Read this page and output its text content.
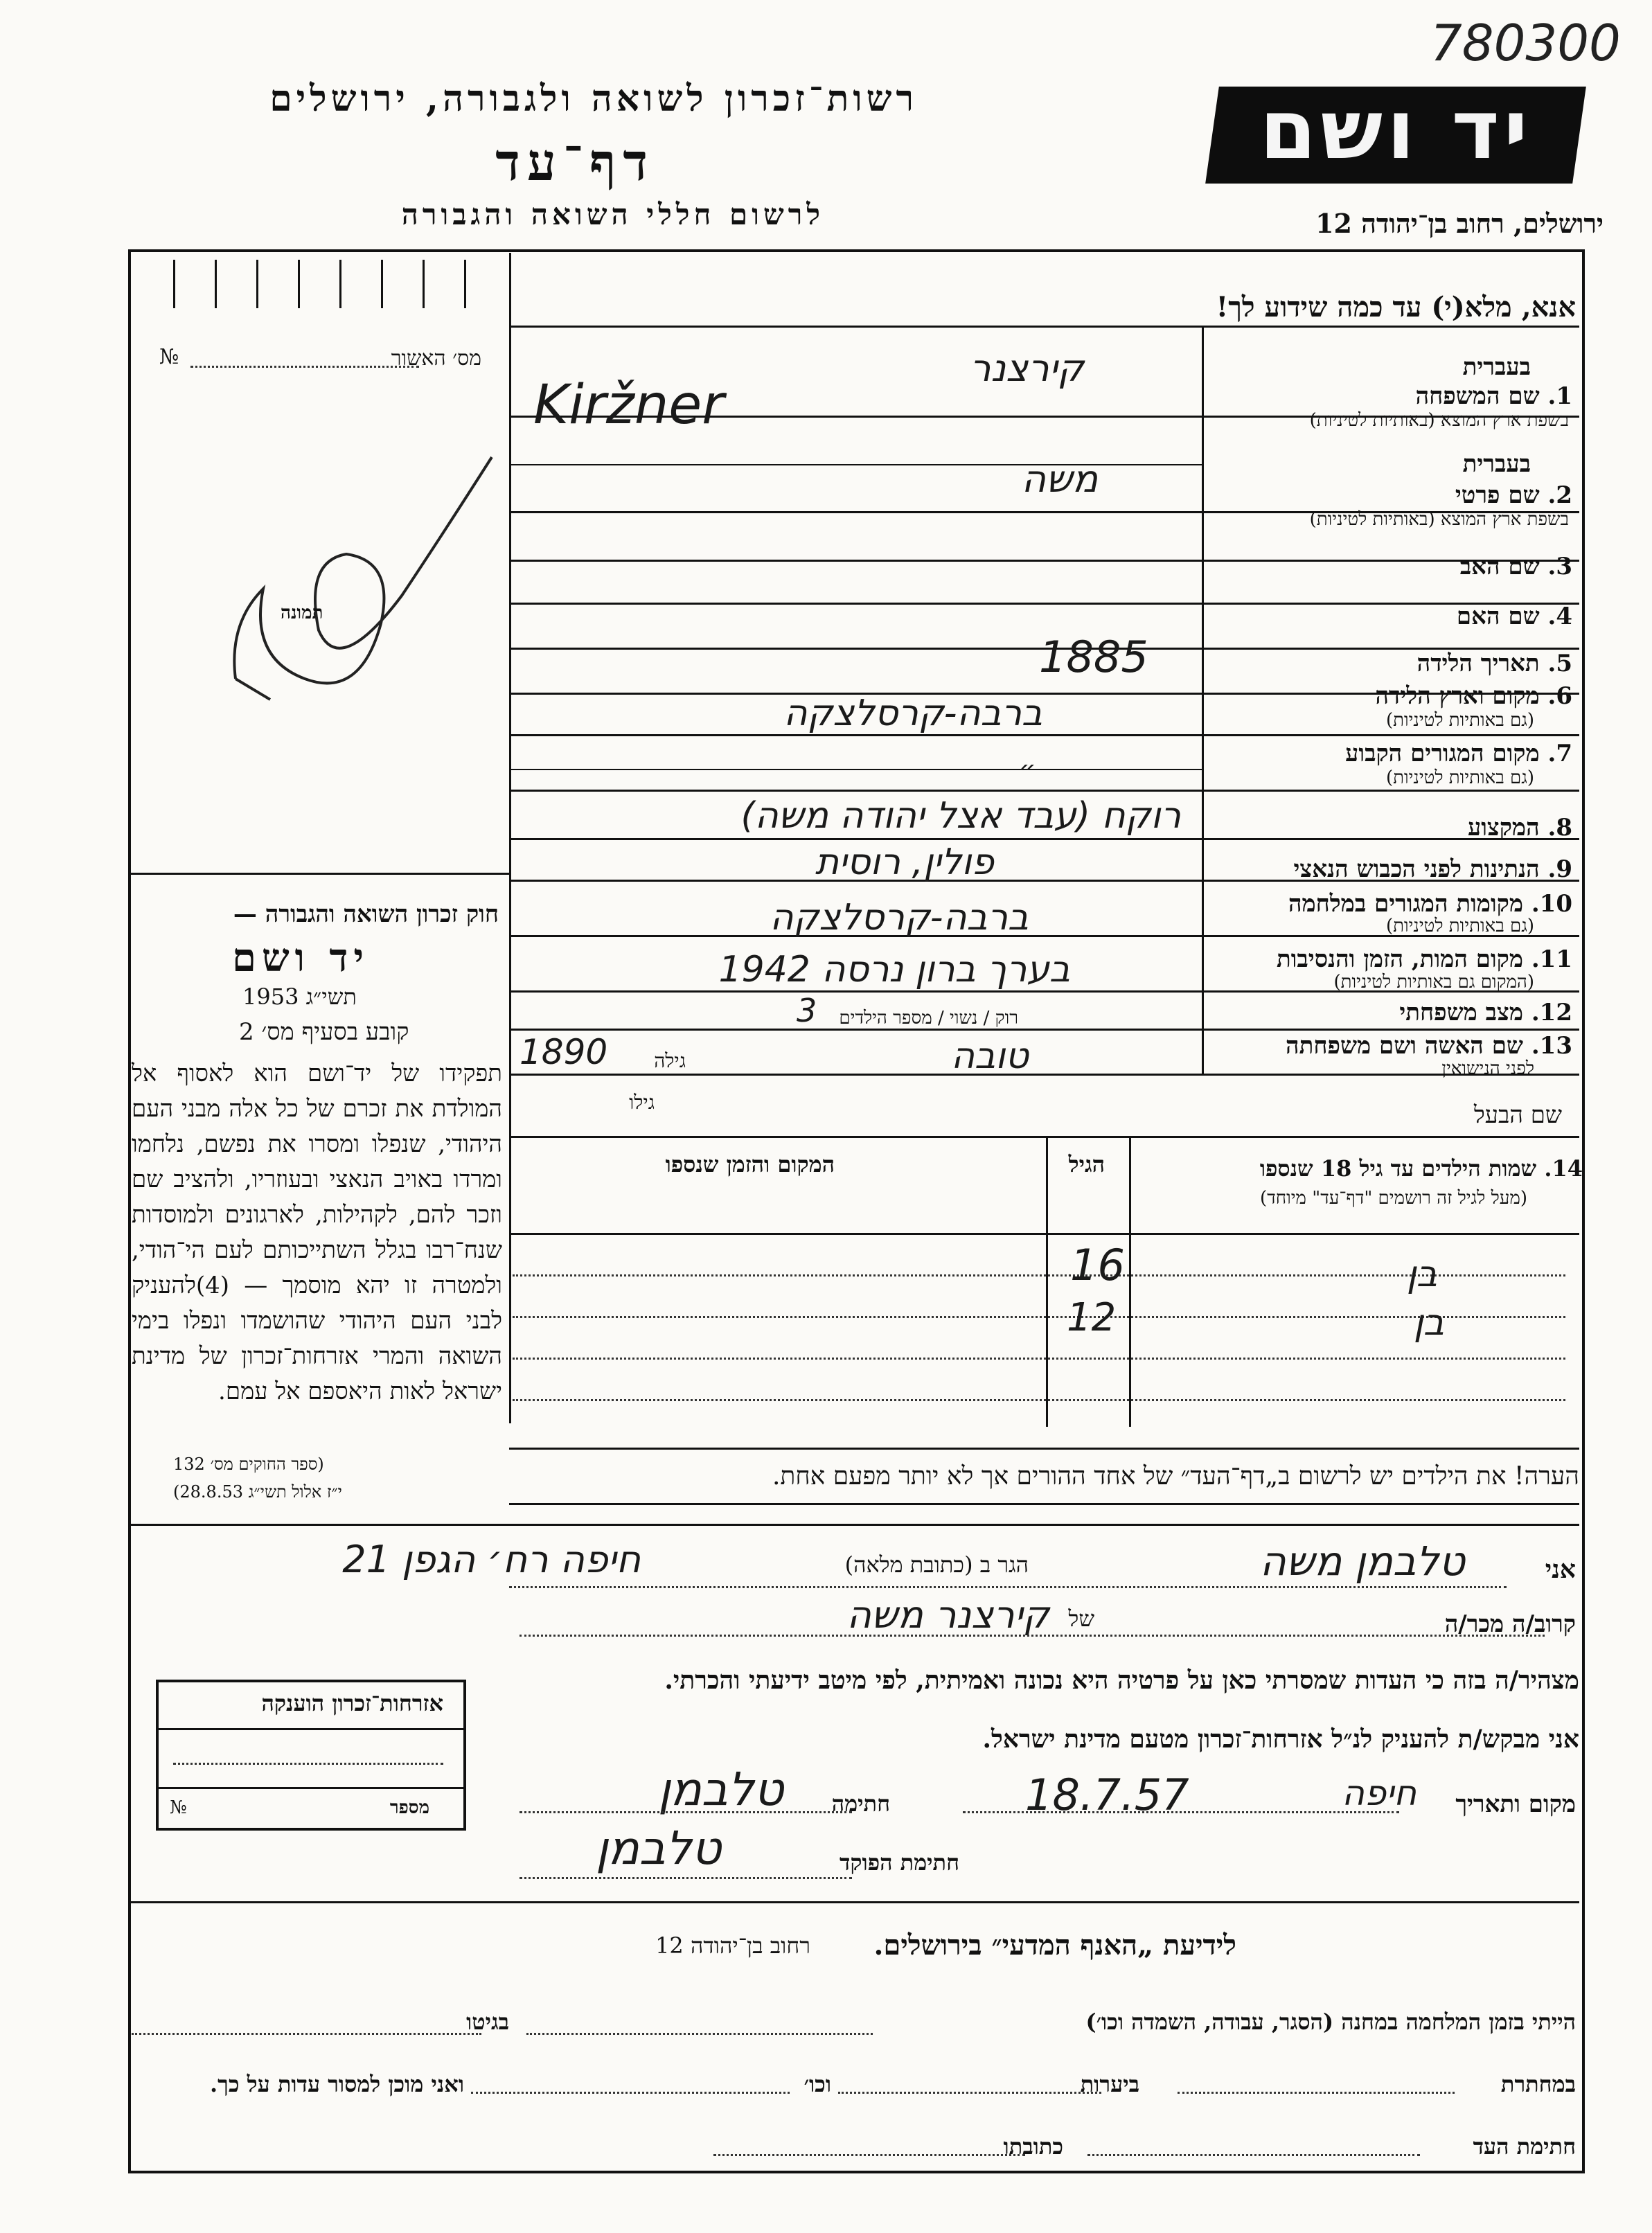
780300
רשות־זכרון לשואה ולגבורה, ירושלים
דף־עד
לרשום חללי השואה והגבורה
יד ושם
ירושלים, רחוב בן־יהודה 12
אנא, מלא(י) עד כמה שידוע לך!
מס׳ האשור
№
תמונה
בעברית
1. שם המשפחה
בשפת ארץ המוצא (באותיות לטיניות)
בעברית
2. שם פרטי
בשפת ארץ המוצא (באותיות לטיניות)
3. שם האב
4. שם האם
5. תאריך הלידה
6. מקום וארץ הלידה
(גם באותיות לטיניות)
7. מקום המגורים הקבוע
(גם באותיות לטיניות)
8. המקצוע
9. הנתינות לפני הכבוש הנאצי
10. מקומות המגורים במלחמה
(גם באותיות לטיניות)
11. מקום המות, הזמן והנסיבות
(המקום גם באותיות לטיניות)
12. מצב משפחתי
13. שם האשה ושם משפחתה
לפני הנישואין
רוק / נשוי / מספר הילדים
גילה
שם הבעל
גילו
קירצנר
Kiržner
משה
1885
ברבה-קרסלצקה
״
רוקח (עבד אצל יהודה משה)
פולין, רוסית
ברבה-קרסלצקה
בערך ברון נרסה 1942
3
טובה
1890
14. שמות הילדים עד גיל 18 שנספו
(מעל לגיל זה רושמים "דף־עד" מיוחד)
הגיל
המקום והזמן שנספו
בן
16
בן
12
הערה! את הילדים יש לרשום ב„דף־העד״ של אחד ההורים אך לא יותר מפעם אחת.
חוק זכרון השואה והגבורה —
יד ושם
תשי״ג 1953
קובע בסעיף מס׳ 2
תפקידו של יד־ושם הוא לאסוף אל המולדת את זכרם של כל אלה מבני העם היהודי, שנפלו ומסרו את נפשם, נלחמו ומרדו באויב הנאצי ובעוזריו, ולהציב שם וזכר להם, לקהילות, לארגונים ולמוסדות שנח־רבו בגלל השתייכותם לעם הי־הודי, ולמטרה זו יהא מוסמך — (4)להעניק לבני העם היהודי שהושמדו ונפלו בימי השואה והמרי אזרחות־זכרון של מדינת ישראל לאות היאספם אל עמם.
(ספר החוקים מס׳ 132
י״ז אלול תשי״ג 28.8.53)
אני
טלבמן משה
הגר ב (כתובת מלאה)
חיפה רח׳ הגפן 21
קרוב/ה מכר/ה
של
קירצנר משה
מצהיר/ה בזה כי העדות שמסרתי כאן על פרטיה היא נכונה ואמיתית, לפי מיטב ידיעתי והכרתי.
אני מבקש/ת להעניק לנ״ל אזרחות־זכרון מטעם מדינת ישראל.
מקום ותאריך
חיפה
18.7.57
חתימה
טלבמן
חתימת הפוקד
טלבמן
אזרחות־זכרון הוענקה
מספר
№
לידיעת „האנף המדעי״ בירושלים.
רחוב בן־יהודה 12
הייתי בזמן המלחמה במחנה (הסגר, עבודה, השמדה וכו׳)
בגיטו
במחתרת
ביערות
וכו׳
ואני מוכן למסור עדות על כך.
חתימת העד
כתובתו
